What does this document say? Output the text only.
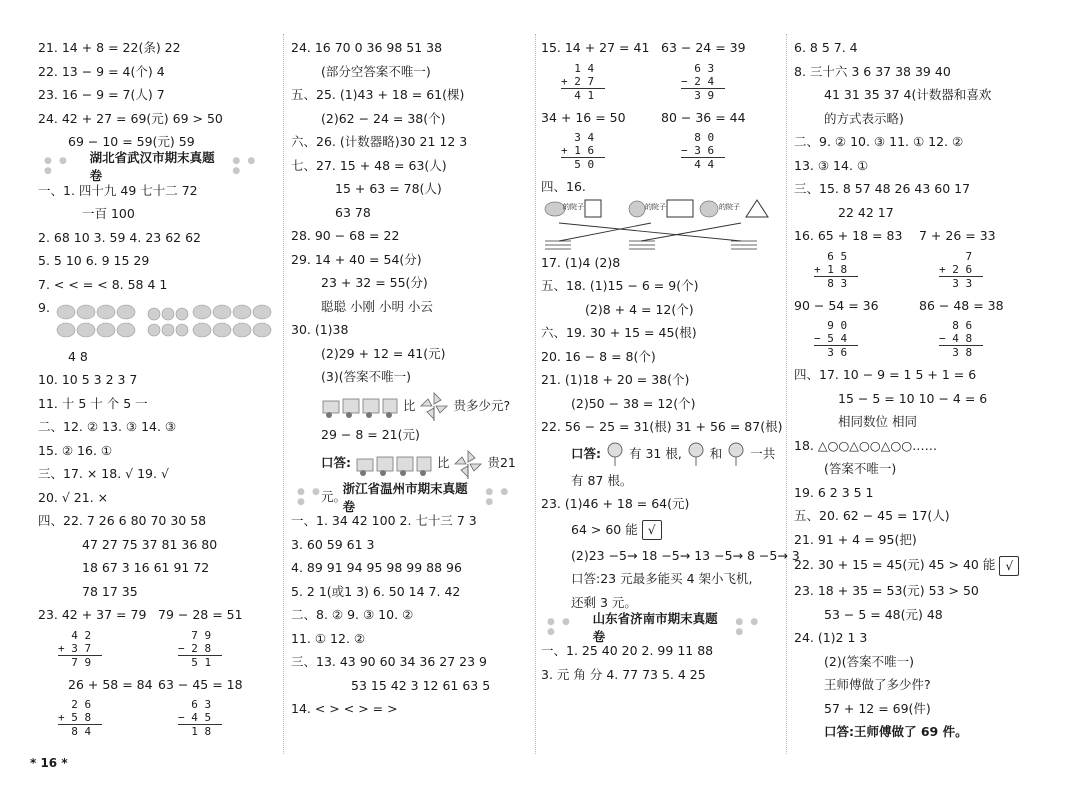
21. 14 + 8 = 22(条) 22
22. 13 − 9 = 4(个) 4
23. 16 − 9 = 7(人) 7
24. 42 + 27 = 69(元) 69 > 50
69 − 10 = 59(元) 59
● ● ●
湖北省武汉市期末真题卷
● ● ●
一、1. 四十九 49 七十二 72
一百 100
2. 68 10 3. 59 4. 23 62 62
5. 5 10 6. 9 15 29
7. < < = < 8. 58 4 1
9.
4 8
10. 10 5 3 2 3 7
11. 十 5 十 个 5 一
二、12. ② 13. ③ 14. ③
15. ② 16. ①
三、17. × 18. √ 19. √
20. √ 21. ×
四、22. 7 26 6 80 70 30 58
47 27 75 37 81 36 80
18 67 3 16 61 91 72
78 17 35
23. 42 + 37 = 79
4 2
+ 3 7
7 9
79 − 28 = 51
7 9
− 2 8
5 1
26 + 58 = 84
2 6
+ 5 8
8 4
63 − 45 = 18
6 3
− 4 5
1 8
24. 16 70 0 36 98 51 38
(部分空答案不唯一)
五、25. (1)43 + 18 = 61(棵)
(2)62 − 24 = 38(个)
六、26. (计数器略)30 21 12 3
七、27. 15 + 48 = 63(人)
15 + 63 = 78(人)
63 78
28. 90 − 68 = 22
29. 14 + 40 = 54(分)
23 + 32 = 55(分)
聪聪 小刚 小明 小云
30. (1)38
(2)29 + 12 = 41(元)
(3)(答案不唯一)
比	贵多少元?
29 − 8 = 21(元)
口答:	比	贵21元。
● ● ●
浙江省温州市期末真题卷
● ● ●
一、1. 34 42 100 2. 七十三 7 3
3. 60 59 61 3
4. 89 91 94 95 98 99 88 96
5. 2 1(或1 3) 6. 50 14 7. 42
二、8. ② 9. ③ 10. ②
11. ① 12. ②
三、13. 43 90 60 34 36 27 23 9
53 15 42 3 12 61 63 5
14. < > < > = >
15. 14 + 27 = 41
1 4
+ 2 7
4 1
63 − 24 = 39
6 3
− 2 4
3 9
34 + 16 = 50
3 4
+ 1 6
5 0
80 − 36 = 44
8 0
− 3 6
4 4
四、16.
的院子	的院子	的院子
17. (1)4 (2)8
五、18. (1)15 − 6 = 9(个)
(2)8 + 4 = 12(个)
六、19. 30 + 15 = 45(根)
20. 16 − 8 = 8(个)
21. (1)18 + 20 = 38(个)
(2)50 − 38 = 12(个)
22. 56 − 25 = 31(根) 31 + 56 = 87(根)
口答: 有 31 根, 和 一共
有 87 根。
23. (1)46 + 18 = 64(元)
64 > 60 能 √
(2)23 −5→ 18 −5→ 13 −5→ 8 −5→ 3
口答:23 元最多能买 4 架小飞机,
还剩 3 元。
● ● ●
山东省济南市期末真题卷
● ● ●
一、1. 25 40 20 2. 99 11 88
3. 元 角 分 4. 77 73 5. 4 25
6. 8 5 7. 4
8. 三十六 3 6 37 38 39 40
41 31 35 37 4(计数器和喜欢
的方式表示略)
二、9. ② 10. ③ 11. ① 12. ②
13. ③ 14. ①
三、15. 8 57 48 26 43 60 17
22 42 17
16. 65 + 18 = 83
6 5
+ 1 8
8 3
7 + 26 = 33
7
+ 2 6
3 3
90 − 54 = 36
9 0
− 5 4
3 6
86 − 48 = 38
8 6
− 4 8
3 8
四、17. 10 − 9 = 1 5 + 1 = 6
15 − 5 = 10 10 − 4 = 6
相同数位 相同
18. △○○△○○△○○……
(答案不唯一)
19. 6 2 3 5 1
五、20. 62 − 45 = 17(人)
21. 91 + 4 = 95(把)
22. 30 + 15 = 45(元) 45 > 40 能 √
23. 18 + 35 = 53(元) 53 > 50
53 − 5 = 48(元) 48
24. (1)2 1 3
(2)(答案不唯一)
王师傅做了多少件?
57 + 12 = 69(件)
口答:王师傅做了 69 件。
* 16 *
